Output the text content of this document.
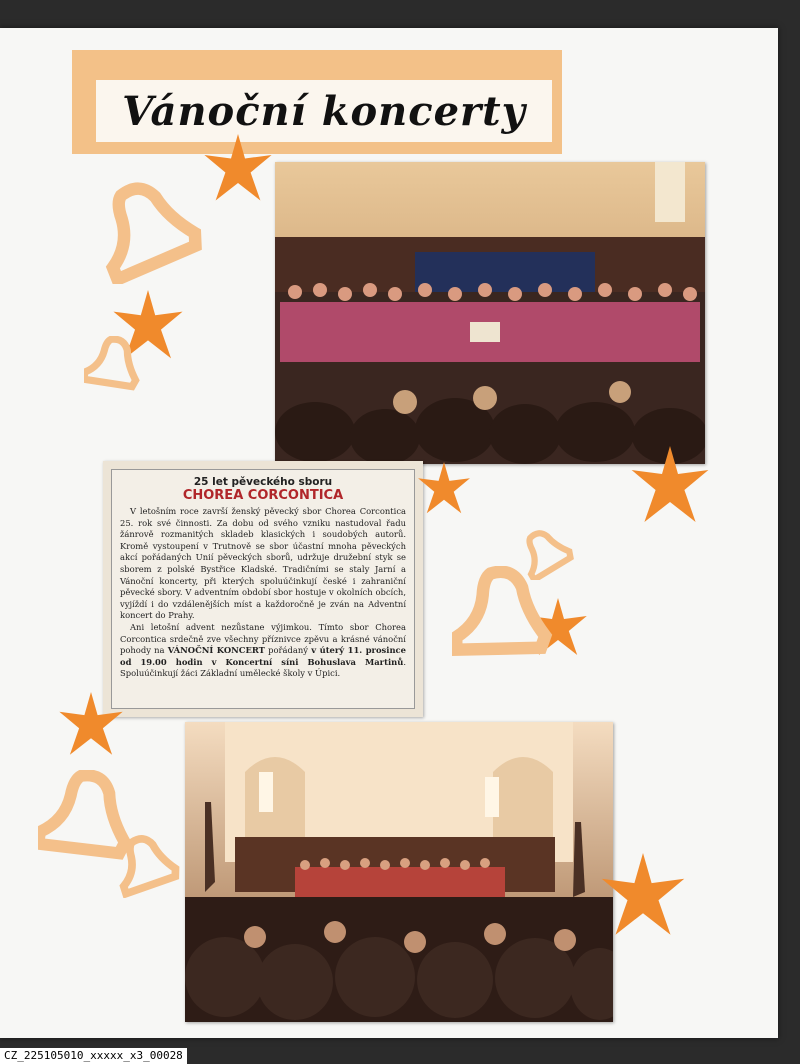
Vánoční koncerty
25 let pěveckého sboru
CHOREA CORCONTICA

V letošním roce završí ženský pěvecký sbor Chorea Corcontica 25. rok své činnosti. Za dobu od svého vzniku nastudoval řadu žánrově rozmanitých skladeb klasických i soudobých autorů. Kromě vystoupení v Trutnově se sbor účastní mnoha pěveckých akcí pořádaných Unií pěveckých sborů, udržuje družební styk se sborem z polské Bystřice Kladské. Tradičními se staly Jarní a Vánoční koncerty, při kterých spoluúčinkují české i zahraniční pěvecké sbory. V adventním období sbor hostuje v okolních obcích, vyjíždí i do vzdálenějších míst a každoročně je zván na Adventní koncert do Prahy.

Ani letošní advent nezůstane výjimkou. Tímto sbor Chorea Corcontica srdečně zve všechny příznivce zpěvu a krásné vánoční pohody na VÁNOČNÍ KONCERT pořádaný v úterý 11. prosince od 19.00 hodin v Koncertní síni Bohuslava Martinů. Spoluúčinkují žáci Základní umělecké školy v Úpici.

CZ_225105010_xxxxx_x3_00028
